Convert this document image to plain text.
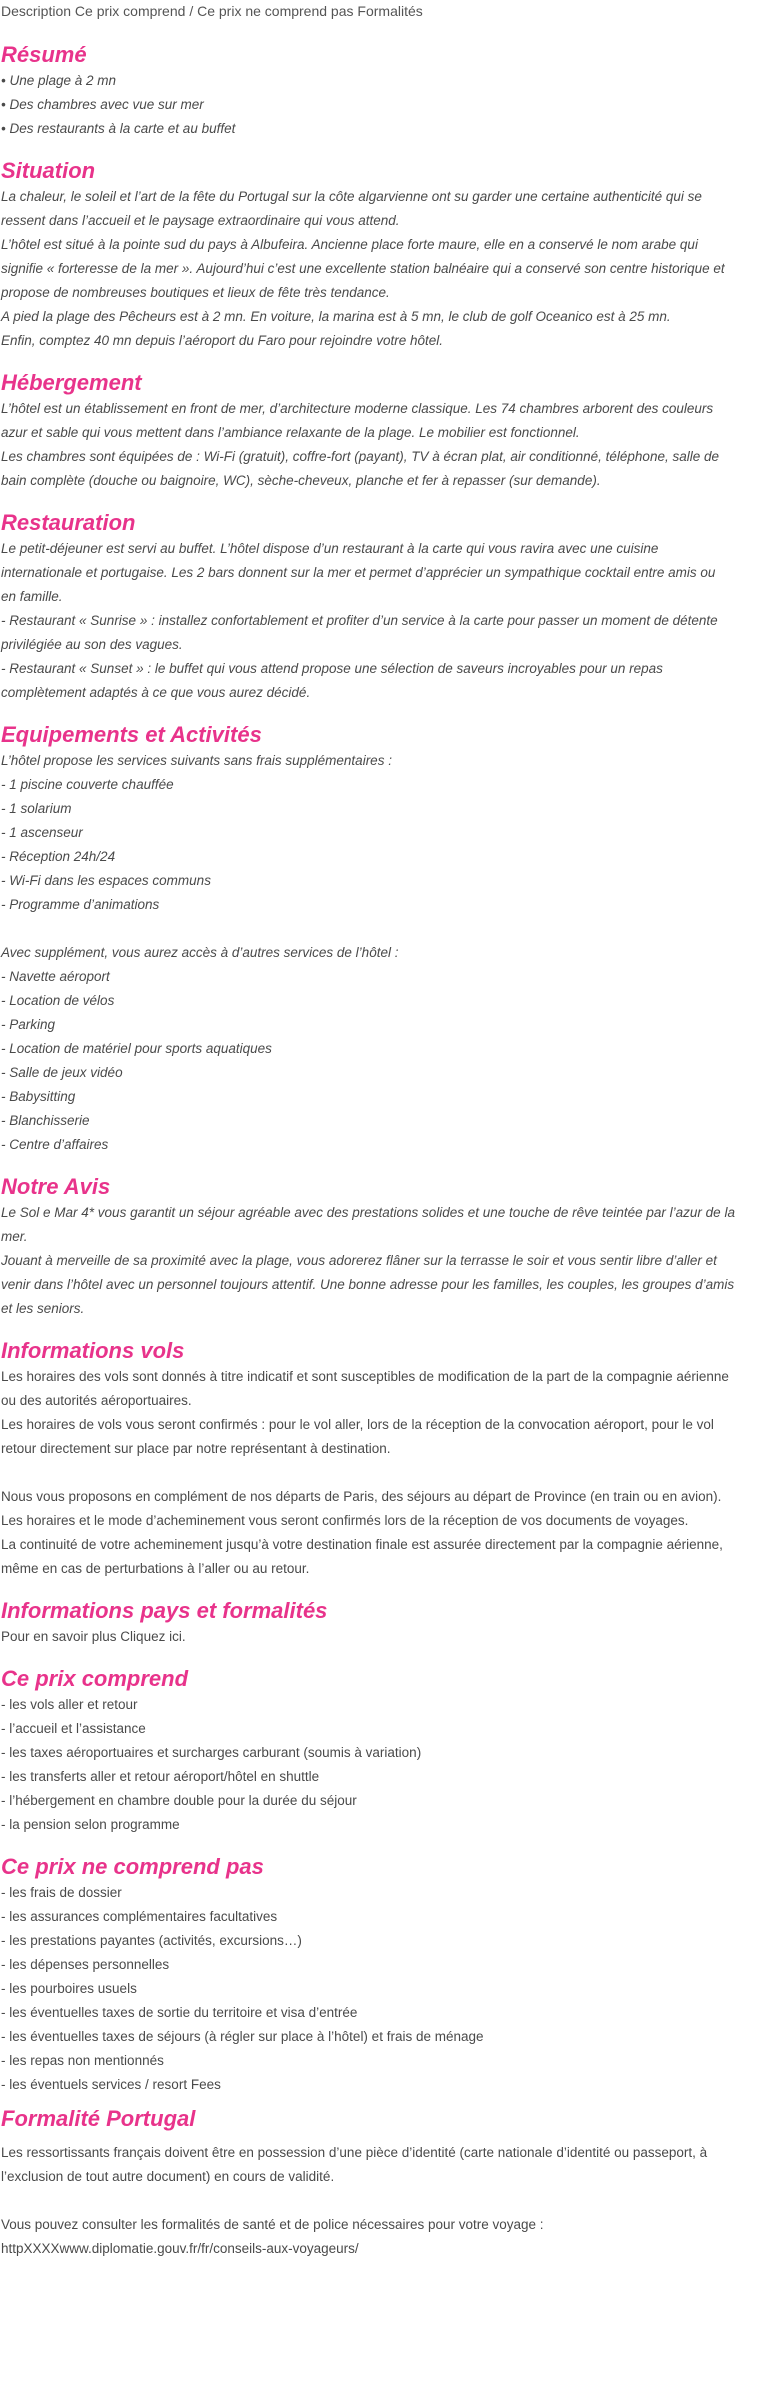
Description Ce prix comprend / Ce prix ne comprend pas Formalités
Résumé
• Une plage à 2 mn
• Des chambres avec vue sur mer
• Des restaurants à la carte et au buffet
Situation
La chaleur, le soleil et l’art de la fête du Portugal sur la côte algarvienne ont su garder une certaine authenticité qui se
ressent dans l’accueil et le paysage extraordinaire qui vous attend.
L’hôtel est situé à la pointe sud du pays à Albufeira. Ancienne place forte maure, elle en a conservé le nom arabe qui
signifie « forteresse de la mer ». Aujourd’hui c’est une excellente station balnéaire qui a conservé son centre historique et
propose de nombreuses boutiques et lieux de fête très tendance.
A pied la plage des Pêcheurs est à 2 mn. En voiture, la marina est à 5 mn, le club de golf Oceanico est à 25 mn.
Enfin, comptez 40 mn depuis l’aéroport du Faro pour rejoindre votre hôtel.
Hébergement
L’hôtel est un établissement en front de mer, d’architecture moderne classique. Les 74 chambres arborent des couleurs
azur et sable qui vous mettent dans l’ambiance relaxante de la plage. Le mobilier est fonctionnel.
Les chambres sont équipées de : Wi-Fi (gratuit), coffre-fort (payant), TV à écran plat, air conditionné, téléphone, salle de
bain complète (douche ou baignoire, WC), sèche-cheveux, planche et fer à repasser (sur demande).
Restauration
Le petit-déjeuner est servi au buffet. L’hôtel dispose d’un restaurant à la carte qui vous ravira avec une cuisine
internationale et portugaise. Les 2 bars donnent sur la mer et permet d’apprécier un sympathique cocktail entre amis ou
en famille.
- Restaurant « Sunrise » : installez confortablement et profiter d’un service à la carte pour passer un moment de détente
privilégiée au son des vagues.
- Restaurant « Sunset » : le buffet qui vous attend propose une sélection de saveurs incroyables pour un repas
complètement adaptés à ce que vous aurez décidé.
Equipements et Activités
L’hôtel propose les services suivants sans frais supplémentaires :
- 1 piscine couverte chauffée
- 1 solarium
- 1 ascenseur
- Réception 24h/24
- Wi-Fi dans les espaces communs
- Programme d’animations
Avec supplément, vous aurez accès à d’autres services de l’hôtel :
- Navette aéroport
- Location de vélos
- Parking
- Location de matériel pour sports aquatiques
- Salle de jeux vidéo
- Babysitting
- Blanchisserie
- Centre d’affaires
Notre Avis
Le Sol e Mar 4* vous garantit un séjour agréable avec des prestations solides et une touche de rêve teintée par l’azur de la
mer.
Jouant à merveille de sa proximité avec la plage, vous adorerez flâner sur la terrasse le soir et vous sentir libre d’aller et
venir dans l’hôtel avec un personnel toujours attentif. Une bonne adresse pour les familles, les couples, les groupes d’amis
et les seniors.
Informations vols
Les horaires des vols sont donnés à titre indicatif et sont susceptibles de modification de la part de la compagnie aérienne
ou des autorités aéroportuaires.
Les horaires de vols vous seront confirmés : pour le vol aller, lors de la réception de la convocation aéroport, pour le vol
retour directement sur place par notre représentant à destination.
Nous vous proposons en complément de nos départs de Paris, des séjours au départ de Province (en train ou en avion).
Les horaires et le mode d’acheminement vous seront confirmés lors de la réception de vos documents de voyages.
La continuité de votre acheminement jusqu’à votre destination finale est assurée directement par la compagnie aérienne,
même en cas de perturbations à l’aller ou au retour.
Informations pays et formalités
Pour en savoir plus Cliquez ici.
Ce prix comprend
- les vols aller et retour
- l’accueil et l’assistance
- les taxes aéroportuaires et surcharges carburant (soumis à variation)
- les transferts aller et retour aéroport/hôtel en shuttle
- l’hébergement en chambre double pour la durée du séjour
- la pension selon programme
Ce prix ne comprend pas
- les frais de dossier
- les assurances complémentaires facultatives
- les prestations payantes (activités, excursions…)
- les dépenses personnelles
- les pourboires usuels
- les éventuelles taxes de sortie du territoire et visa d’entrée
- les éventuelles taxes de séjours (à régler sur place à l’hôtel) et frais de ménage
- les repas non mentionnés
- les éventuels services / resort Fees
Formalité Portugal
Les ressortissants français doivent être en possession d’une pièce d’identité (carte nationale d’identité ou passeport, à
l’exclusion de tout autre document) en cours de validité.
Vous pouvez consulter les formalités de santé et de police nécessaires pour votre voyage :
httpXXXXwww.diplomatie.gouv.fr/fr/conseils-aux-voyageurs/
